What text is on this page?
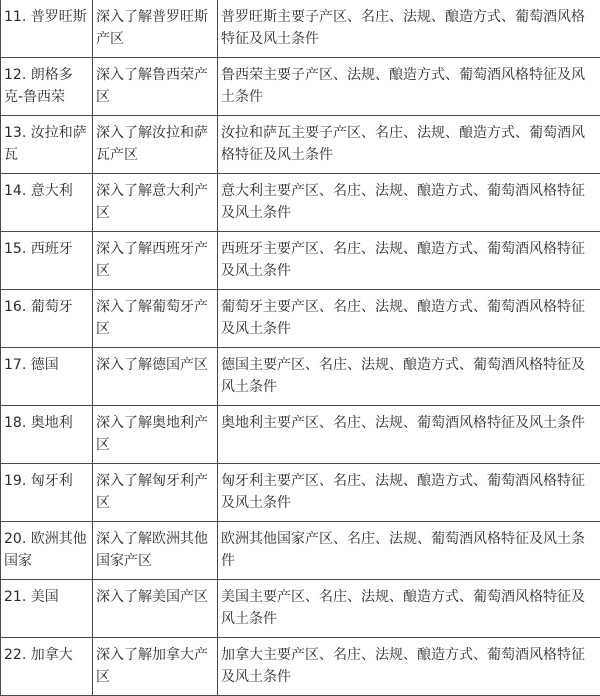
11. 普罗旺斯	深入了解普罗旺斯产区	普罗旺斯主要子产区、名庄、法规、酿造方式、葡萄酒风格特征及风土条件
12. 朗格多克-鲁西荣	深入了解鲁西荣产区	鲁西荣主要子产区、法规、酿造方式、葡萄酒风格特征及风土条件
13. 汝拉和萨瓦	深入了解汝拉和萨瓦产区	汝拉和萨瓦主要子产区、名庄、法规、酿造方式、葡萄酒风格特征及风土条件
14. 意大利	深入了解意大利产区	意大利主要产区、名庄、法规、酿造方式、葡萄酒风格特征及风土条件
15. 西班牙	深入了解西班牙产区	西班牙主要产区、名庄、法规、酿造方式、葡萄酒风格特征及风土条件
16. 葡萄牙	深入了解葡萄牙产区	葡萄牙主要产区、名庄、法规、酿造方式、葡萄酒风格特征及风土条件
17. 德国	深入了解德国产区	德国主要产区、名庄、法规、酿造方式、葡萄酒风格特征及风土条件
18. 奥地利	深入了解奥地利产区	奥地利主要产区、名庄、法规、葡萄酒风格特征及风土条件
19. 匈牙利	深入了解匈牙利产区	匈牙利主要产区、名庄、法规、酿造方式、葡萄酒风格特征及风土条件
20. 欧洲其他国家	深入了解欧洲其他国家产区	欧洲其他国家产区、名庄、法规、葡萄酒风格特征及风土条件
21. 美国	深入了解美国产区	美国主要产区、名庄、法规、酿造方式、葡萄酒风格特征及风土条件
22. 加拿大	深入了解加拿大产区	加拿大主要产区、名庄、法规、酿造方式、葡萄酒风格特征及风土条件
